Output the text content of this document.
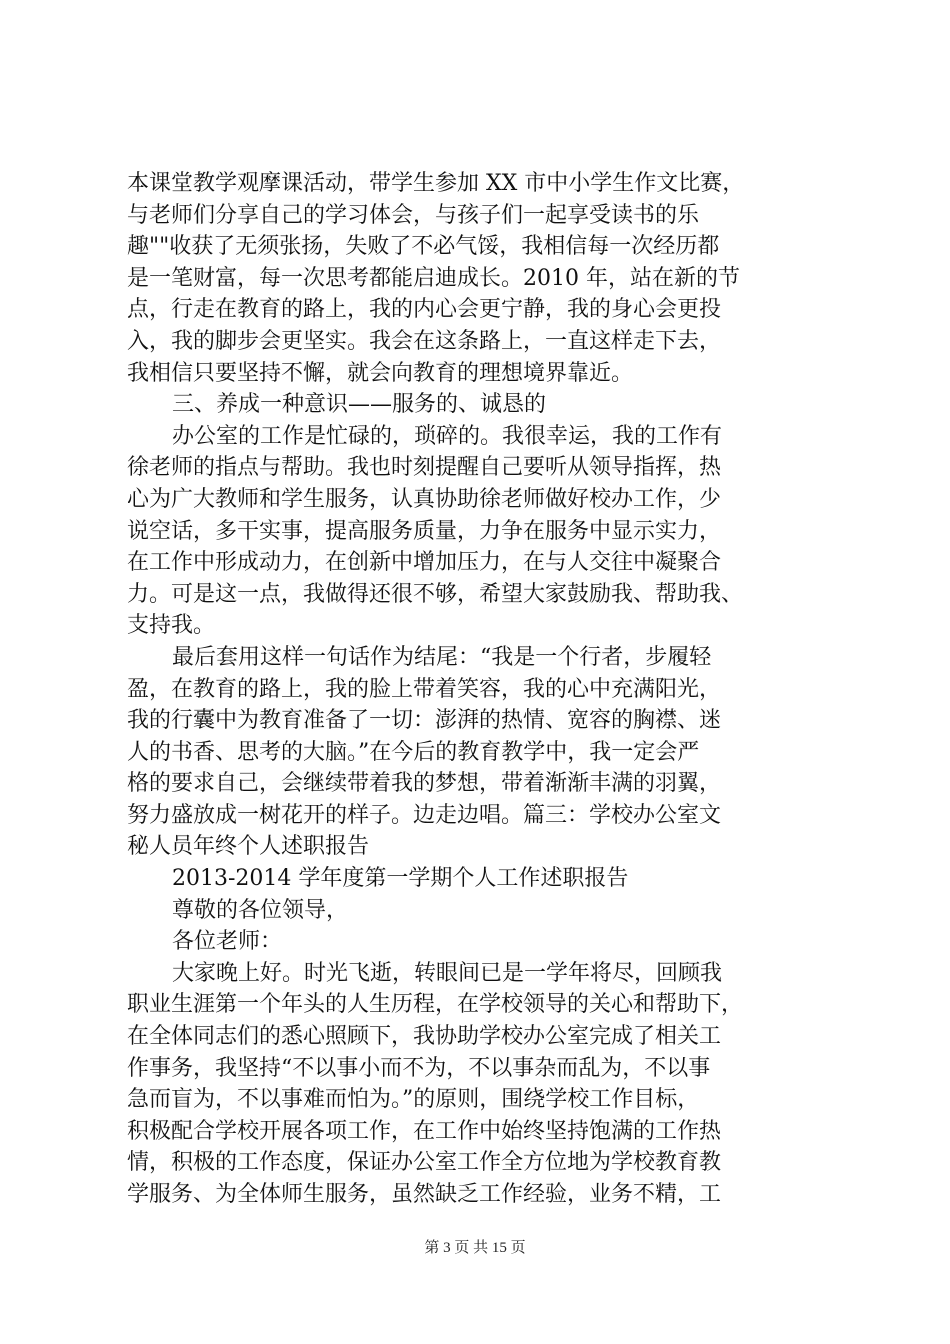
本课堂教学观摩课活动，带学生参加 XX 市中小学生作文比赛，

与老师们分享自己的学习体会，与孩子们一起享受读书的乐

趣""收获了无须张扬，失败了不必气馁，我相信每一次经历都

是一笔财富，每一次思考都能启迪成长。2010 年，站在新的节

点，行走在教育的路上，我的内心会更宁静，我的身心会更投

入，我的脚步会更坚实。我会在这条路上，一直这样走下去，

我相信只要坚持不懈，就会向教育的理想境界靠近。

三、养成一种意识——服务的、诚恳的

办公室的工作是忙碌的，琐碎的。我很幸运，我的工作有

徐老师的指点与帮助。我也时刻提醒自己要听从领导指挥，热

心为广大教师和学生服务，认真协助徐老师做好校办工作，少

说空话，多干实事，提高服务质量，力争在服务中显示实力，

在工作中形成动力，在创新中增加压力，在与人交往中凝聚合

力。可是这一点，我做得还很不够，希望大家鼓励我、帮助我、

支持我。

最后套用这样一句话作为结尾：“我是一个行者，步履轻

盈，在教育的路上，我的脸上带着笑容，我的心中充满阳光，

我的行囊中为教育准备了一切：澎湃的热情、宽容的胸襟、迷

人的书香、思考的大脑。”在今后的教育教学中，我一定会严

格的要求自己，会继续带着我的梦想，带着渐渐丰满的羽翼，

努力盛放成一树花开的样子。边走边唱。篇三：学校办公室文

秘人员年终个人述职报告

2013-2014 学年度第一学期个人工作述职报告

尊敬的各位领导，

各位老师：

大家晚上好。时光飞逝，转眼间已是一学年将尽，回顾我

职业生涯第一个年头的人生历程，在学校领导的关心和帮助下，

在全体同志们的悉心照顾下，我协助学校办公室完成了相关工

作事务，我坚持“不以事小而不为，不以事杂而乱为，不以事

急而盲为，不以事难而怕为。”的原则，围绕学校工作目标，

积极配合学校开展各项工作，在工作中始终坚持饱满的工作热

情，积极的工作态度，保证办公室工作全方位地为学校教育教

学服务、为全体师生服务，虽然缺乏工作经验，业务不精，工

第 3 页 共 15 页
